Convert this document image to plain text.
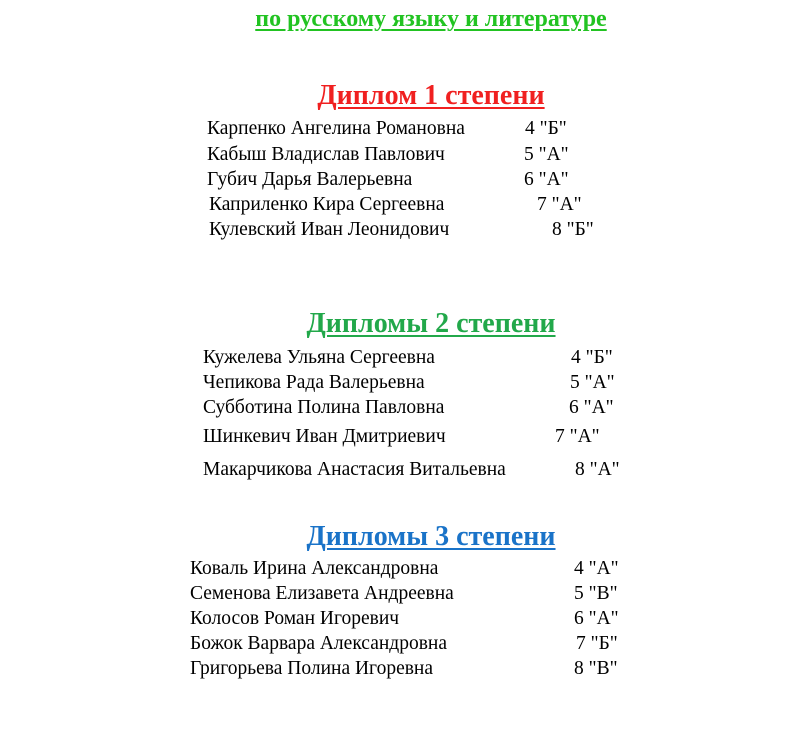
по русскому языку и литературе
Диплом 1 степени
Дипломы 2 степени
Дипломы 3 степени
Карпенко Ангелина Романовна	4 "Б"
Кабыш Владислав Павлович	5 "А"
Губич Дарья Валерьевна	6 "А"
Каприленко Кира Сергеевна	7 "А"
Кулевский Иван Леонидович	8 "Б"
Кужелева Ульяна Сергеевна	4 "Б"
Чепикова Рада Валерьевна	5 "А"
Субботина Полина Павловна	6 "А"
Шинкевич Иван Дмитриевич	7 "А"
Макарчикова Анастасия Витальевна	8 "А"
Коваль Ирина Александровна	4 "А"
Семенова Елизавета Андреевна	5 "В"
Колосов Роман Игоревич	6 "А"
Божок Варвара Александровна	7 "Б"
Григорьева Полина Игоревна	8 "В"
